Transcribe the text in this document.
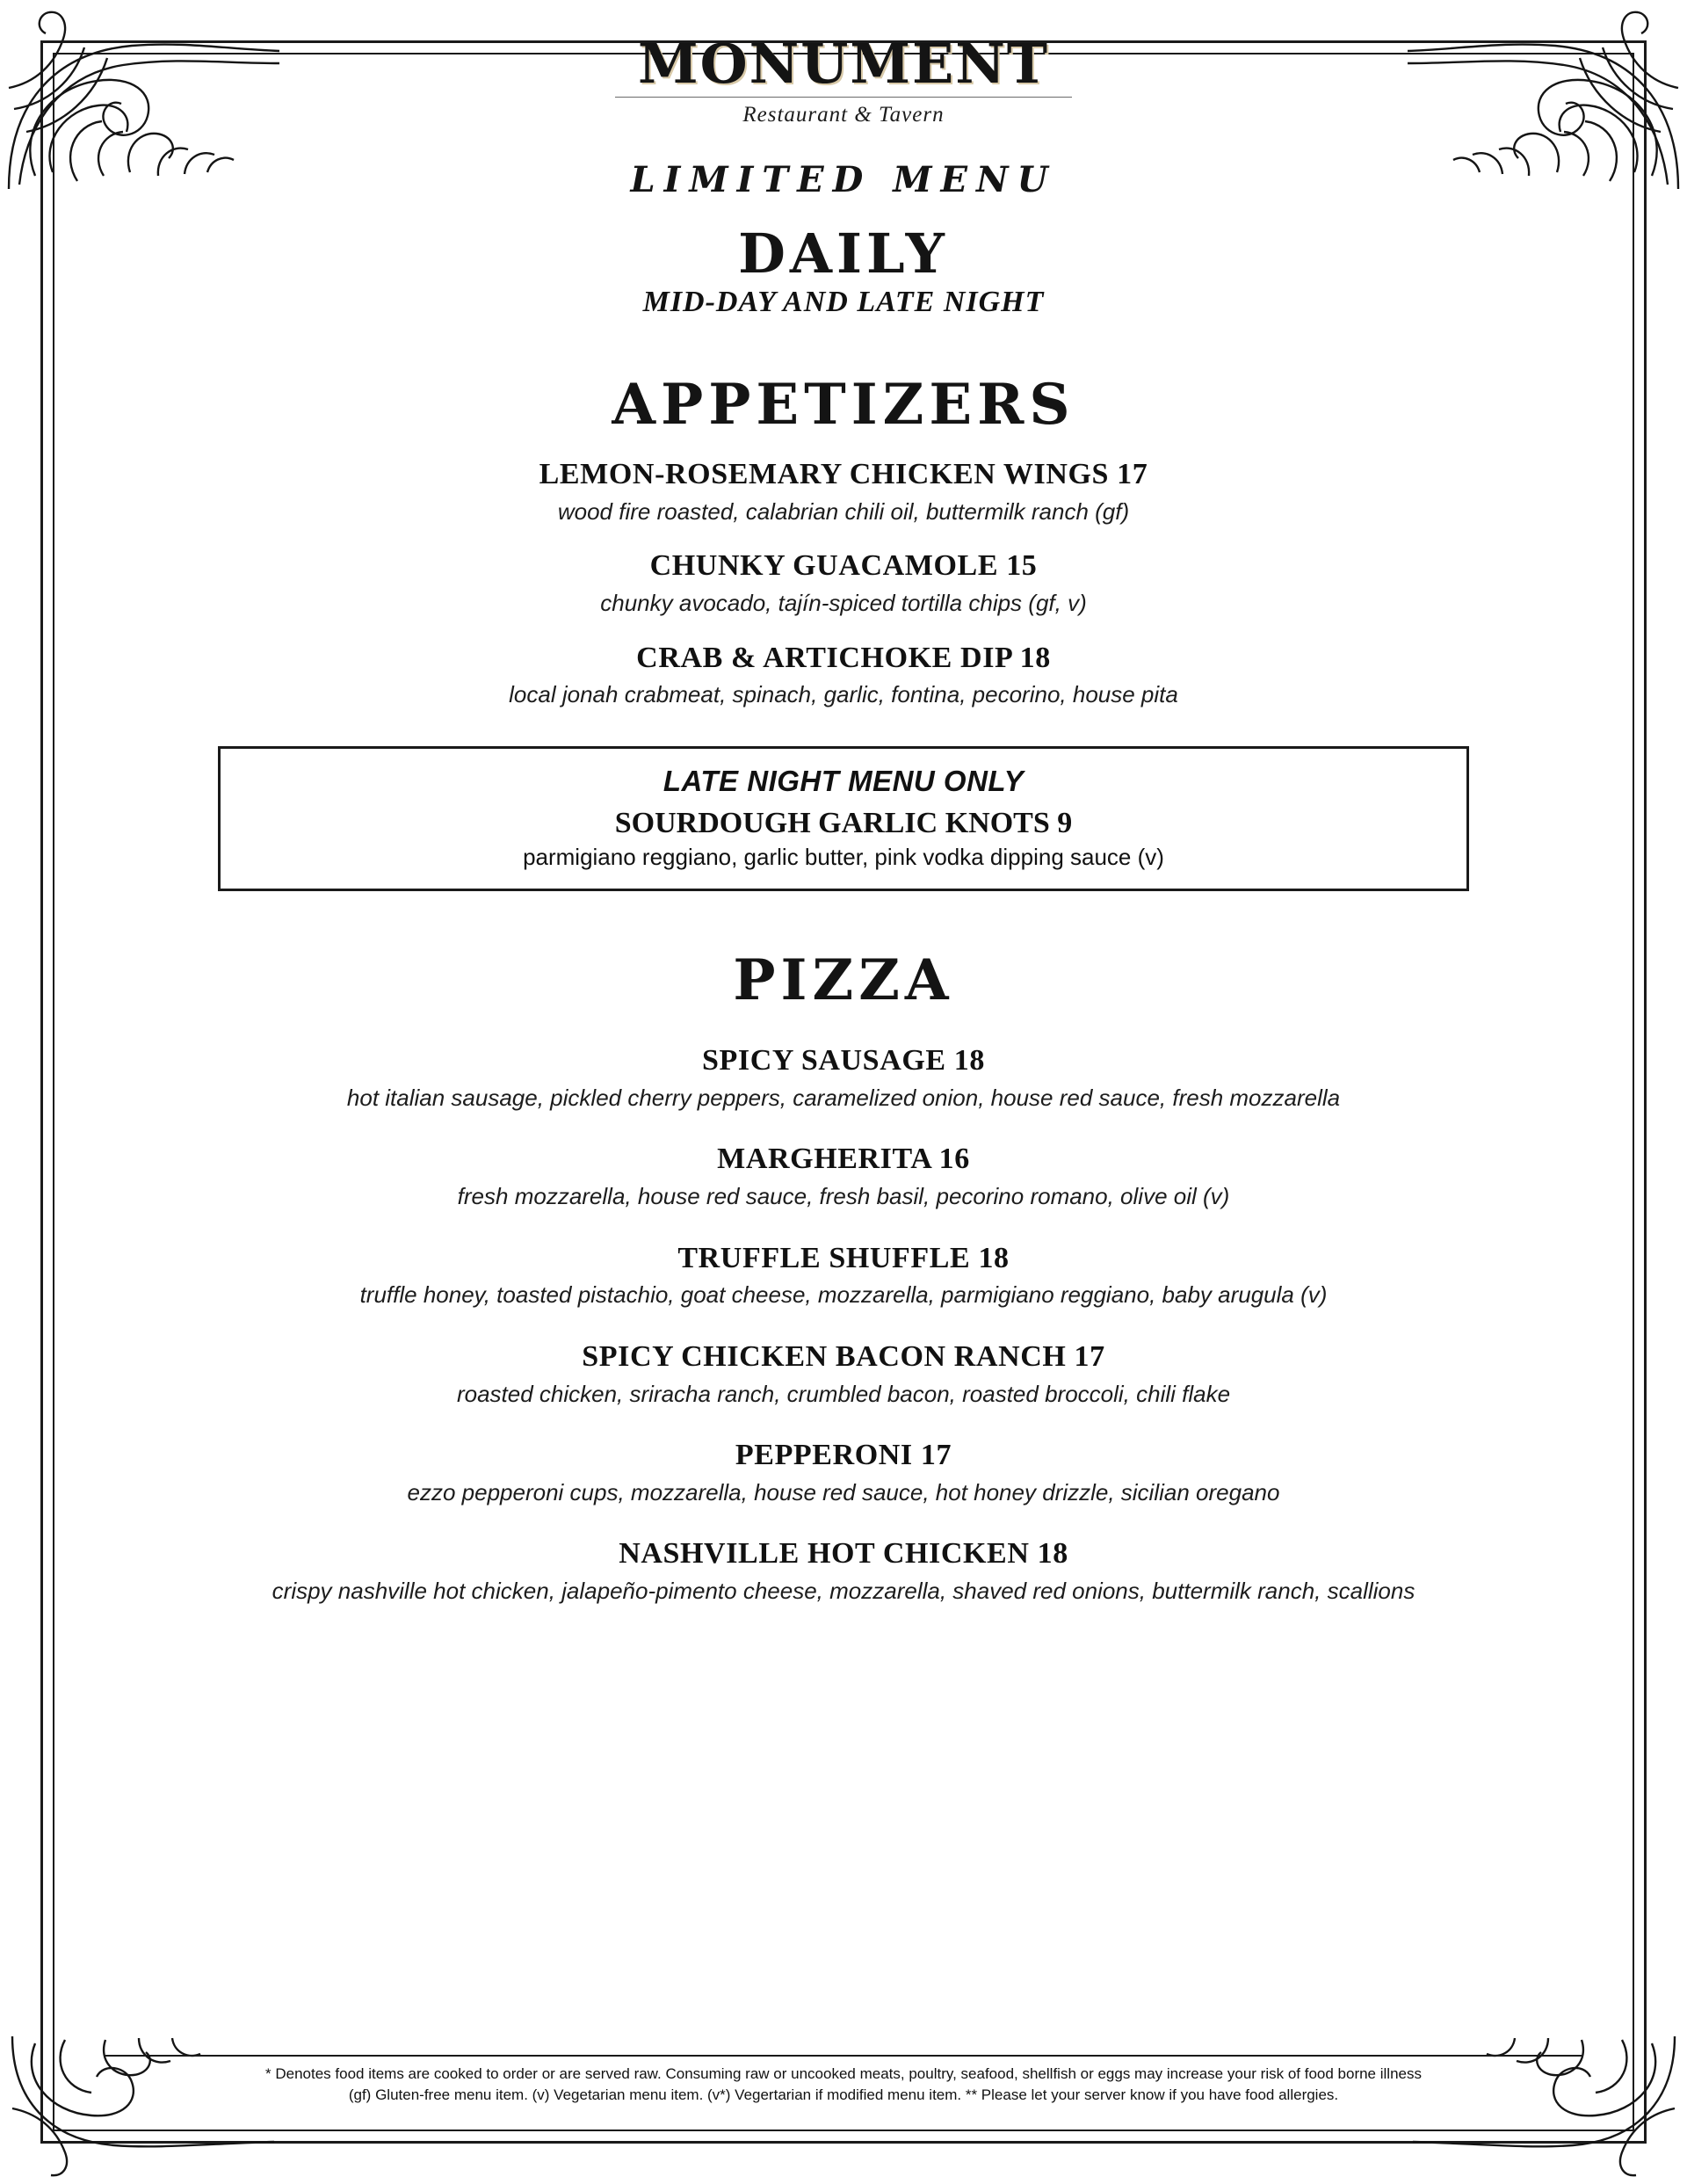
MONUMENT
Restaurant & Tavern
LIMITED MENU
DAILY
MID-DAY AND LATE NIGHT
APPETIZERS
LEMON-ROSEMARY CHICKEN WINGS 17
wood fire roasted, calabrian chili oil, buttermilk ranch (gf)
CHUNKY GUACAMOLE 15
chunky avocado, tajín-spiced tortilla chips (gf, v)
CRAB & ARTICHOKE DIP 18
local jonah crabmeat, spinach, garlic, fontina, pecorino, house pita
LATE NIGHT MENU ONLY
SOURDOUGH GARLIC KNOTS 9
parmigiano reggiano, garlic butter, pink vodka dipping sauce (v)
PIZZA
SPICY SAUSAGE 18
hot italian sausage, pickled cherry peppers, caramelized onion, house red sauce, fresh mozzarella
MARGHERITA 16
fresh mozzarella, house red sauce, fresh basil, pecorino romano, olive oil (v)
TRUFFLE SHUFFLE 18
truffle honey, toasted pistachio, goat cheese, mozzarella, parmigiano reggiano, baby arugula (v)
SPICY CHICKEN BACON RANCH 17
roasted chicken, sriracha ranch, crumbled bacon, roasted broccoli, chili flake
PEPPERONI 17
ezzo pepperoni cups, mozzarella, house red sauce, hot honey drizzle, sicilian oregano
NASHVILLE HOT CHICKEN 18
crispy nashville hot chicken, jalapeño-pimento cheese, mozzarella, shaved red onions, buttermilk ranch, scallions
* Denotes food items are cooked to order or are served raw. Consuming raw or uncooked meats, poultry, seafood, shellfish or eggs may increase your risk of food borne illness
(gf) Gluten-free menu item. (v) Vegetarian menu item. (v*) Vegertarian if modified menu item. ** Please let your server know if you have food allergies.
